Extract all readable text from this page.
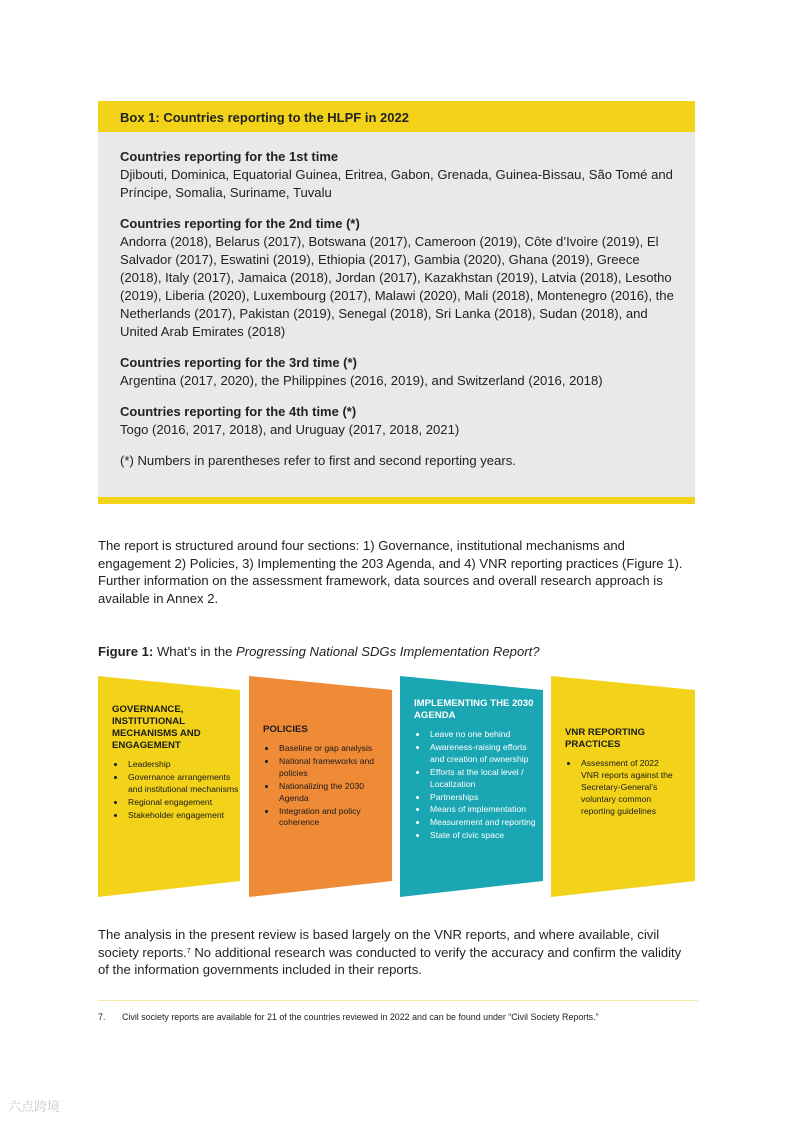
Box 1: Countries reporting to the HLPF in 2022
Countries reporting for the 1st time

Djibouti, Dominica, Equatorial Guinea, Eritrea, Gabon, Grenada, Guinea-Bissau, São Tomé and Príncipe, Somalia, Suriname, Tuvalu

Countries reporting for the 2nd time (*)

Andorra (2018), Belarus (2017), Botswana (2017), Cameroon (2019), Côte d’Ivoire (2019), El Salvador (2017), Eswatini (2019), Ethiopia (2017), Gambia (2020), Ghana (2019), Greece (2018), Italy (2017), Jamaica (2018), Jordan (2017), Kazakhstan (2019), Latvia (2018), Lesotho (2019), Liberia (2020), Luxembourg (2017), Malawi (2020), Mali (2018), Montenegro (2016), the Netherlands (2017), Pakistan (2019), Senegal (2018), Sri Lanka (2018), Sudan (2018), and United Arab Emirates (2018)

Countries reporting for the 3rd time (*)

Argentina (2017, 2020), the Philippines (2016, 2019), and Switzerland (2016, 2018)

Countries reporting for the 4th time (*)

Togo (2016, 2017, 2018), and Uruguay (2017, 2018, 2021)

(*) Numbers in parentheses refer to first and second reporting years.

The report is structured around four sections: 1) Governance, institutional mechanisms and engagement 2) Policies, 3) Implementing the 203 Agenda, and 4) VNR reporting practices (Figure 1). Further information on the assessment framework, data sources and overall research approach is available in Annex 2.

Figure 1: What’s in the Progressing National SDGs Implementation Report?
GOVERNANCE, INSTITUTIONAL MECHANISMS AND ENGAGEMENT
• Leadership
• Governance arrangements and institutional mechanisms
• Regional engagement
• Stakeholder engagement
POLICIES
• Baseline or gap analysis
• National frameworks and policies
• Nationalizing the 2030 Agenda
• Integration and policy coherence
IMPLEMENTING THE 2030 AGENDA
• Leave no one behind
• Awareness-raising efforts and creation of ownership
• Efforts at the local level / Localization
• Partnerships
• Means of implementation
• Measurement and reporting
• State of civic space
VNR REPORTING PRACTICES
• Assessment of 2022 VNR reports against the Secretary-General’s voluntary common reporting guidelines

The analysis in the present review is based largely on the VNR reports, and where available, civil society reports.$^7$ No additional research was conducted to verify the accuracy and confirm the validity of the information governments included in their reports.

7. Civil society reports are available for 21 of the countries reviewed in 2022 and can be found under “Civil Society Reports.”
六点跨境
